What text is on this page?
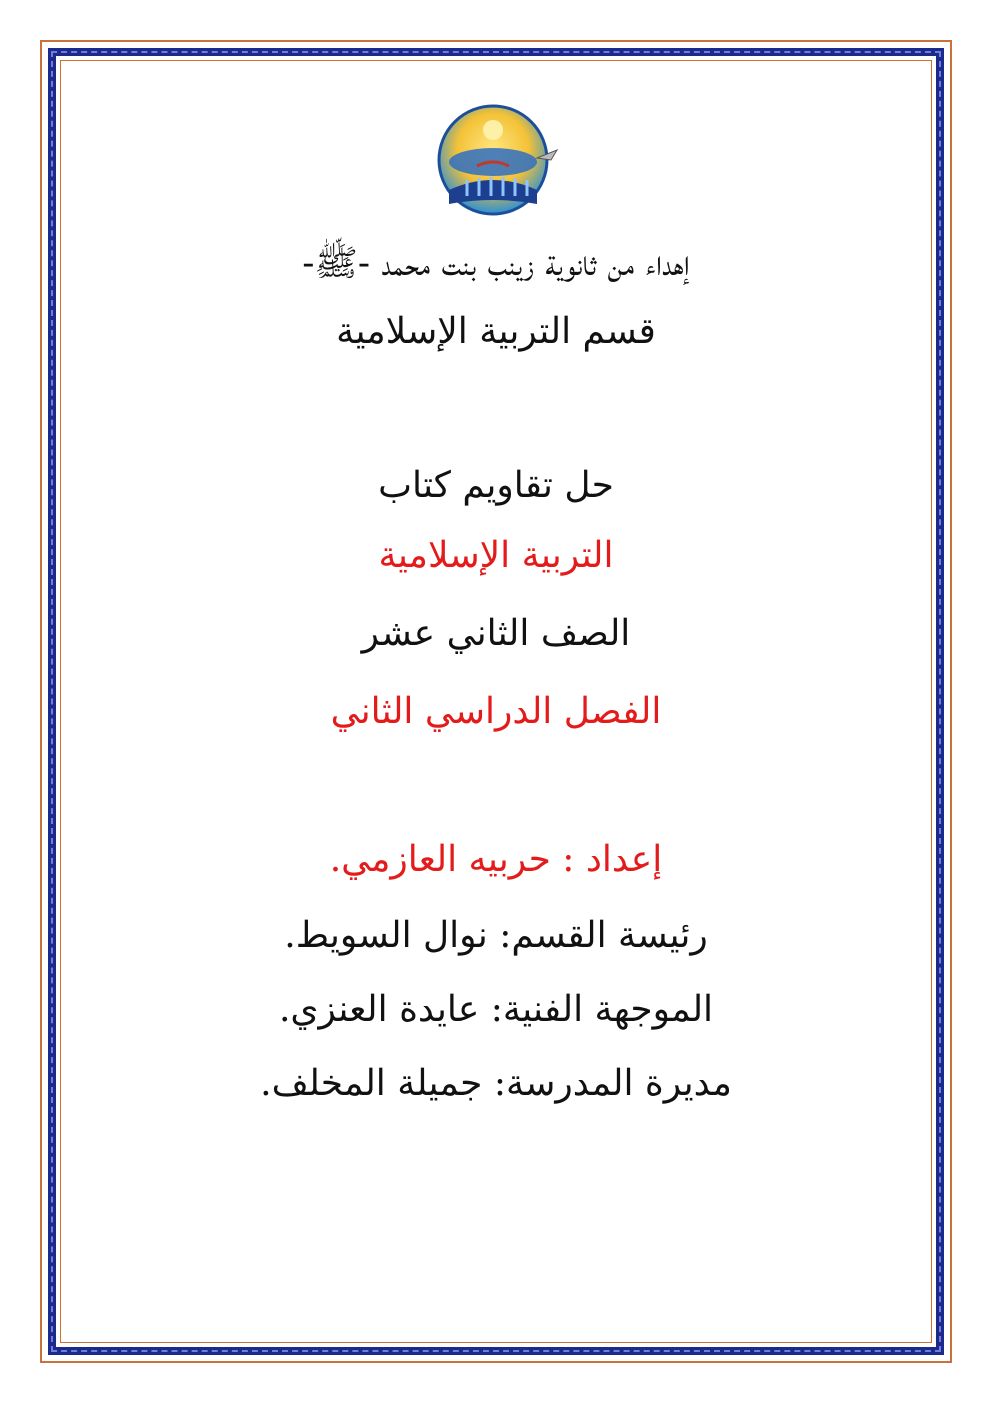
إهداء من ثانوية زينب بنت محمد -ﷺ-
قسم التربية الإسلامية
حل تقاويم كتاب
التربية الإسلامية
الصف الثاني عشر
الفصل الدراسي الثاني
إعداد : حربيه العازمي.
رئيسة القسم: نوال السويط.
الموجهة الفنية: عايدة العنزي.
مديرة المدرسة: جميلة المخلف.
